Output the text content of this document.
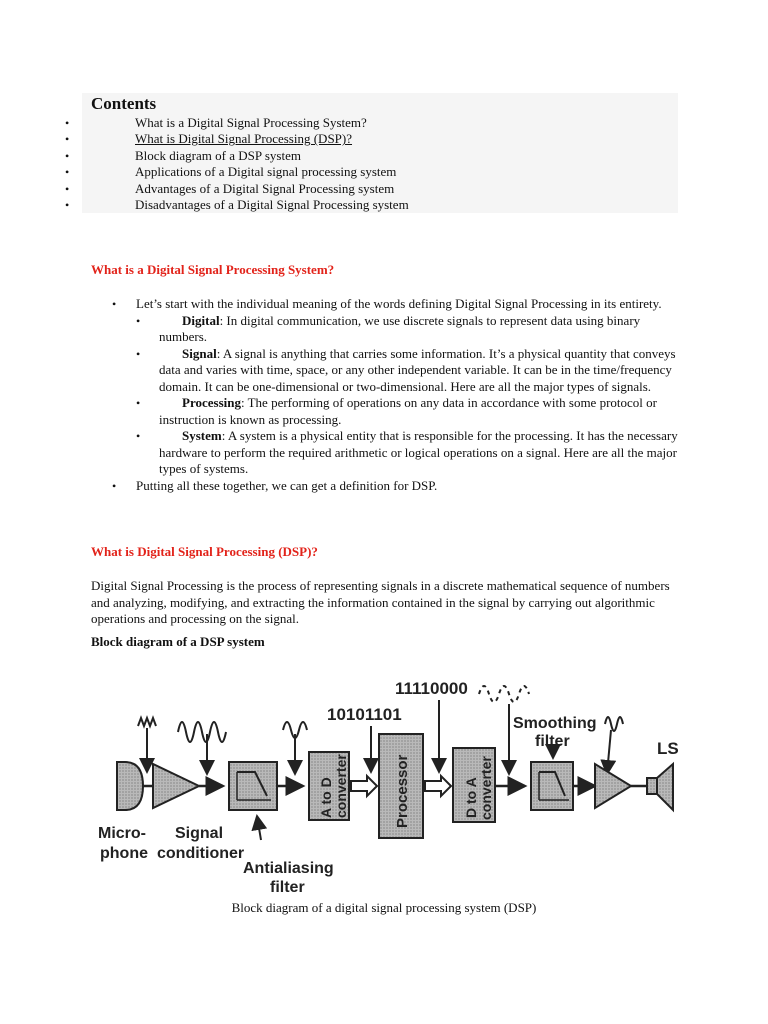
Contents
•	What is a Digital Signal Processing System?
•	What is Digital Signal Processing (DSP)?
•	Block diagram of a DSP system
•	Applications of a Digital signal processing system
•	Advantages of a Digital Signal Processing system
•	Disadvantages of a Digital Signal Processing system
What is a Digital Signal Processing System?
• Let’s start with the individual meaning of the words defining Digital Signal Processing in its entirety.
•	Digital: In digital communication, we use discrete signals to represent data using binary numbers.
•	Signal: A signal is anything that carries some information. It’s a physical quantity that conveys data and varies with time, space, or any other independent variable. It can be in the time/frequency domain. It can be one-dimensional or two-dimensional. Here are all the major types of signals.
•	Processing: The performing of operations on any data in accordance with some protocol or instruction is known as processing.
•	System: A system is a physical entity that is responsible for the processing. It has the necessary hardware to perform the required arithmetic or logical operations on a signal. Here are all the major types of systems.
• Putting all these together, we can get a definition for DSP.
What is Digital Signal Processing (DSP)?

Digital Signal Processing is the process of representing signals in a discrete mathematical sequence of numbers and analyzing, modifying, and extracting the information contained in the signal by carrying out algorithmic operations and processing on the signal.

Block diagram of a DSP system
Micro-
phone
Signal
conditioner
Antialiasing
filter
A to D converter
10101101
Processor
11110000
D to A converter
Smoothing
filter	LS
Block diagram of a digital signal processing system (DSP)
